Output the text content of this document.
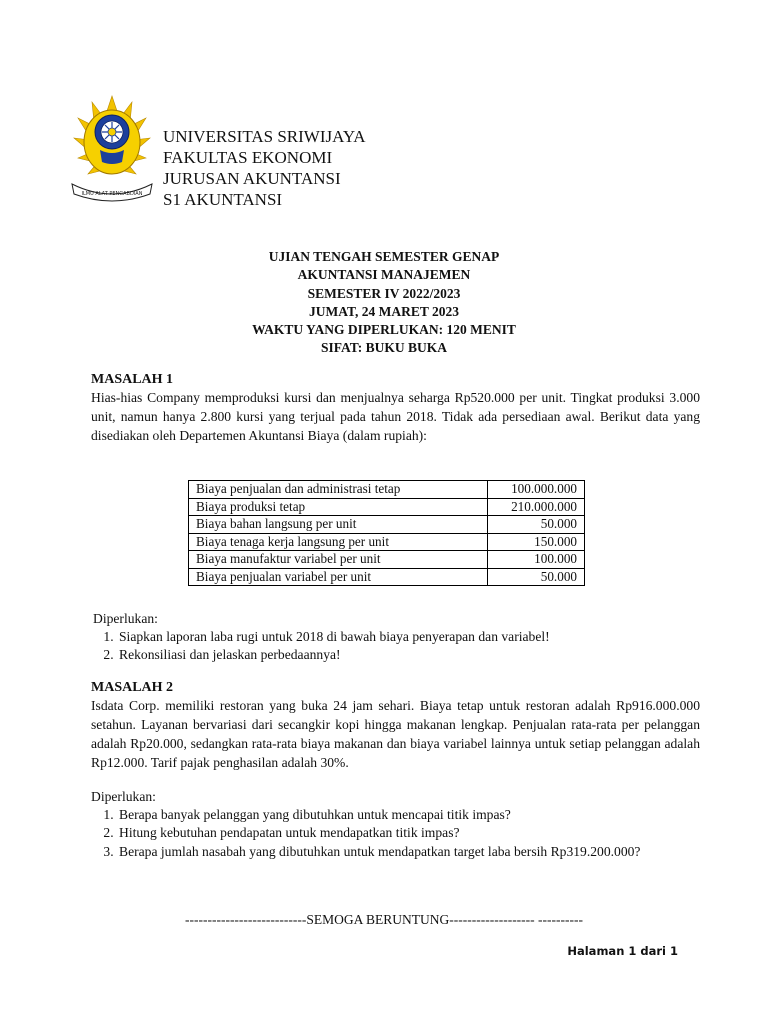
ILMU ALAT PENGABDIAN
UNIVERSITAS SRIWIJAYA
FAKULTAS EKONOMI
JURUSAN AKUNTANSI
S1 AKUNTANSI
UJIAN TENGAH SEMESTER GENAP
AKUNTANSI MANAJEMEN
SEMESTER IV 2022/2023
JUMAT, 24 MARET 2023
WAKTU YANG DIPERLUKAN: 120 MENIT
SIFAT: BUKU BUKA
MASALAH 1

Hias-hias Company memproduksi kursi dan menjualnya seharga Rp520.000 per unit. Tingkat produksi 3.000 unit, namun hanya 2.800 kursi yang terjual pada tahun 2018. Tidak ada persediaan awal. Berikut data yang disediakan oleh Departemen Akuntansi Biaya (dalam rupiah):

Biaya penjualan dan administrasi tetap	100.000.000
Biaya produksi tetap	210.000.000
Biaya bahan langsung per unit	50.000
Biaya tenaga kerja langsung per unit	150.000
Biaya manufaktur variabel per unit	100.000
Biaya penjualan variabel per unit	50.000
Diperlukan:
1. Siapkan laporan laba rugi untuk 2018 di bawah biaya penyerapan dan variabel!
2. Rekonsiliasi dan jelaskan perbedaannya!
MASALAH 2

Isdata Corp. memiliki restoran yang buka 24 jam sehari. Biaya tetap untuk restoran adalah Rp916.000.000 setahun. Layanan bervariasi dari secangkir kopi hingga makanan lengkap. Penjualan rata-rata per pelanggan adalah Rp20.000, sedangkan rata-rata biaya makanan dan biaya variabel lainnya untuk setiap pelanggan adalah Rp12.000. Tarif pajak penghasilan adalah 30%.

Diperlukan:
1. Berapa banyak pelanggan yang dibutuhkan untuk mencapai titik impas?
2. Hitung kebutuhan pendapatan untuk mendapatkan titik impas?
3. Berapa jumlah nasabah yang dibutuhkan untuk mendapatkan target laba bersih Rp319.200.000?
---------------------------SEMOGA BERUNTUNG------------------- ----------
Halaman 1 dari 1
